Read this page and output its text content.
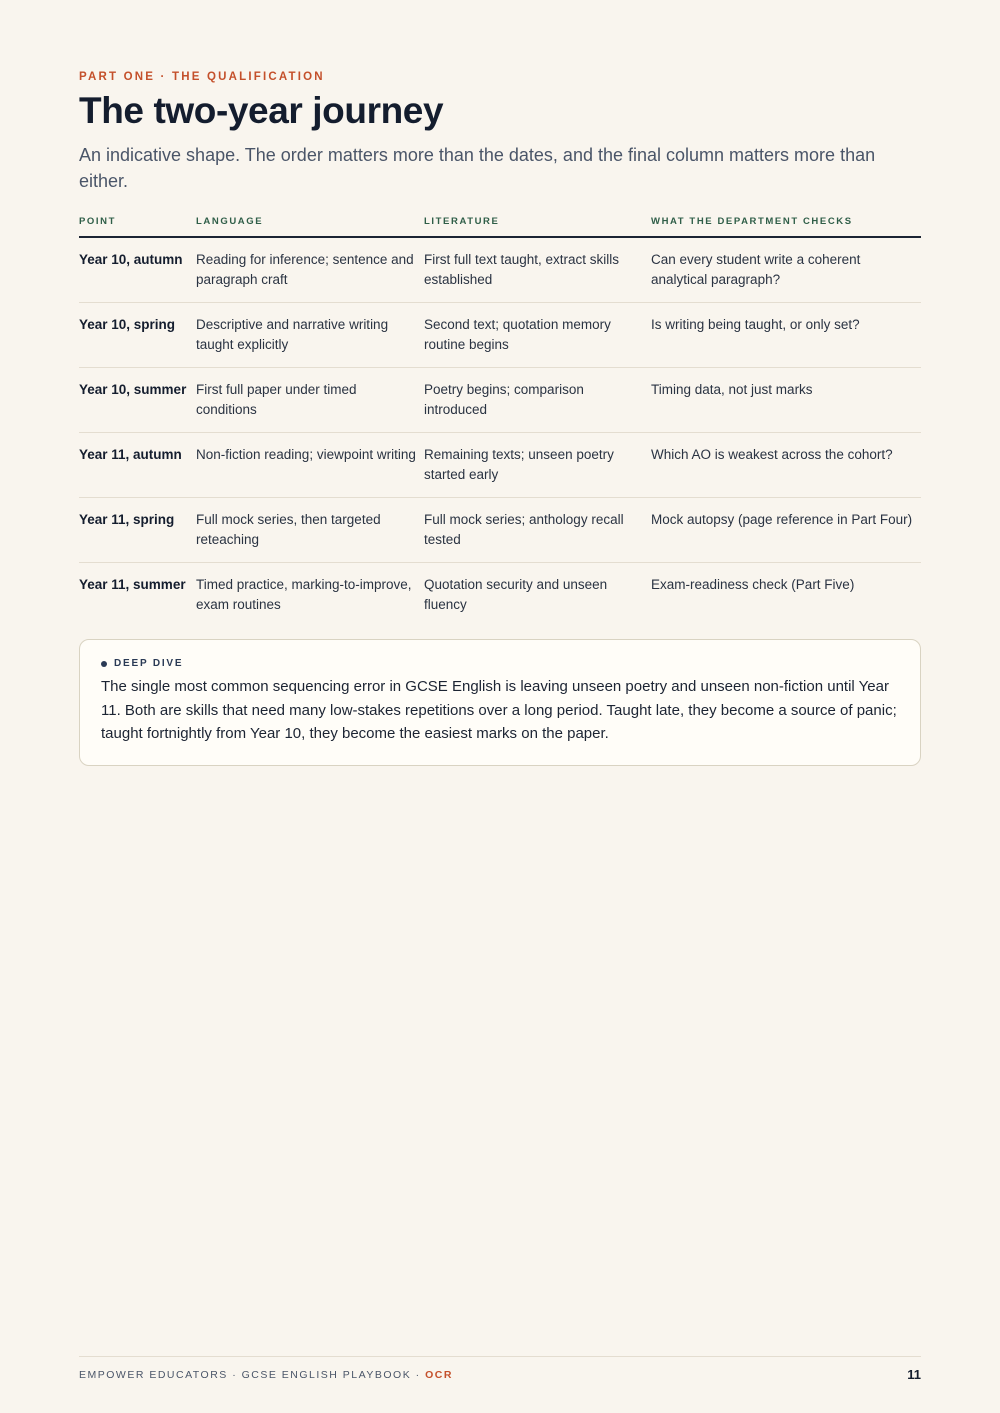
PART ONE · THE QUALIFICATION
The two-year journey

An indicative shape. The order matters more than the dates, and the final column matters more than either.

POINT	LANGUAGE	LITERATURE	WHAT THE DEPARTMENT CHECKS
Year 10, autumn	Reading for inference; sentence and paragraph craft	First full text taught, extract skills established	Can every student write a coherent analytical paragraph?
Year 10, spring	Descriptive and narrative writing taught explicitly	Second text; quotation memory routine begins	Is writing being taught, or only set?
Year 10, summer	First full paper under timed conditions	Poetry begins; comparison introduced	Timing data, not just marks
Year 11, autumn	Non-fiction reading; viewpoint writing	Remaining texts; unseen poetry started early	Which AO is weakest across the cohort?
Year 11, spring	Full mock series, then targeted reteaching	Full mock series; anthology recall tested	Mock autopsy (page reference in Part Four)
Year 11, summer	Timed practice, marking-to-improve, exam routines	Quotation security and unseen fluency	Exam-readiness check (Part Five)
DEEP DIVE

The single most common sequencing error in GCSE English is leaving unseen poetry and unseen non-fiction until Year 11. Both are skills that need many low-stakes repetitions over a long period. Taught late, they become a source of panic; taught fortnightly from Year 10, they become the easiest marks on the paper.

EMPOWER EDUCATORS · GCSE ENGLISH PLAYBOOK · OCR	11
